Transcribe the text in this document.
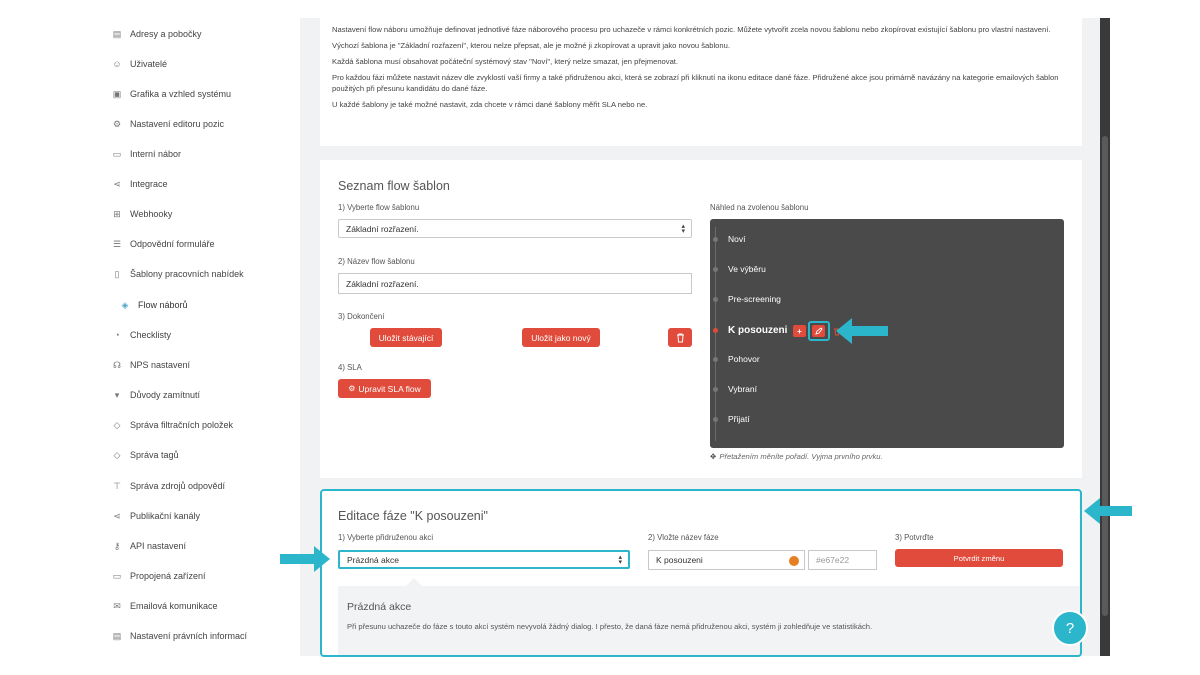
▤ Adresy a pobočky
☺ Uživatelé
▣ Grafika a vzhled systému
⚙ Nastavení editoru pozic
▭ Interní nábor
⋖ Integrace
⊞ Webhooky
☰ Odpovědní formuláře
▯ Šablony pracovních nabídek
◈ Flow náborů
◔ Checklisty
☊ NPS nastavení
▾	Důvody zamítnutí
◇ Správa filtračních položek
◇ Správa tagů
⊤ Správa zdrojů odpovědí
⋖ Publikační kanály
⚷ API nastavení
▭ Propojená zařízení
✉ Emailová komunikace
▤ Nastavení právních informací

Nastavení flow náboru umožňuje definovat jednotlivé fáze náborového procesu pro uchazeče v rámci konkrétních pozic. Můžete vytvořit zcela novou šablonu nebo zkopírovat existující šablonu pro vlastní nastavení.

Výchozí šablona je "Základní rozřazení", kterou nelze přepsat, ale je možné ji zkopírovat a upravit jako novou šablonu.

Každá šablona musí obsahovat počáteční systémový stav "Noví", který nelze smazat, jen přejmenovat.

Pro každou fázi můžete nastavit název dle zvyklostí vaší firmy a také přidruženou akci, která se zobrazí při kliknutí na ikonu editace dané fáze. Přidružené akce jsou primárně navázány na kategorie emailových šablon použitých při přesunu kandidátu do dané fáze.

U každé šablony je také možné nastavit, zda chcete v rámci dané šablony měřit SLA nebo ne.

Seznam flow šablon
1) Vyberte flow šablonu
Základní rozřazení.	▴
▾
2) Název flow šablonu
Základní rozřazení.
3) Dokončení
Uložit stávající	Uložit jako nový
4) SLA
⚙ Upravit SLA flow
Náhled na zvolenou šablonu
Noví
Ve výběru
Pre-screening
K posouzeni +
Pohovor
Vybraní
Přijatí
✥ Přetažením měníte pořadí. Vyjma prvního prvku.
Editace fáze "K posouzeni"
1) Vyberte přidruženou akci
Prázdná akce	▴
▾
2) Vložte název fáze
K posouzeni	#e67e22
3) Potvrďte
Potvrdit změnu
Prázdná akce
Při přesunu uchazeče do fáze s touto akcí systém nevyvolá žádný dialog. I přesto, že daná fáze nemá přidruženou akci, systém ji zohledňuje ve statistikách.	?
